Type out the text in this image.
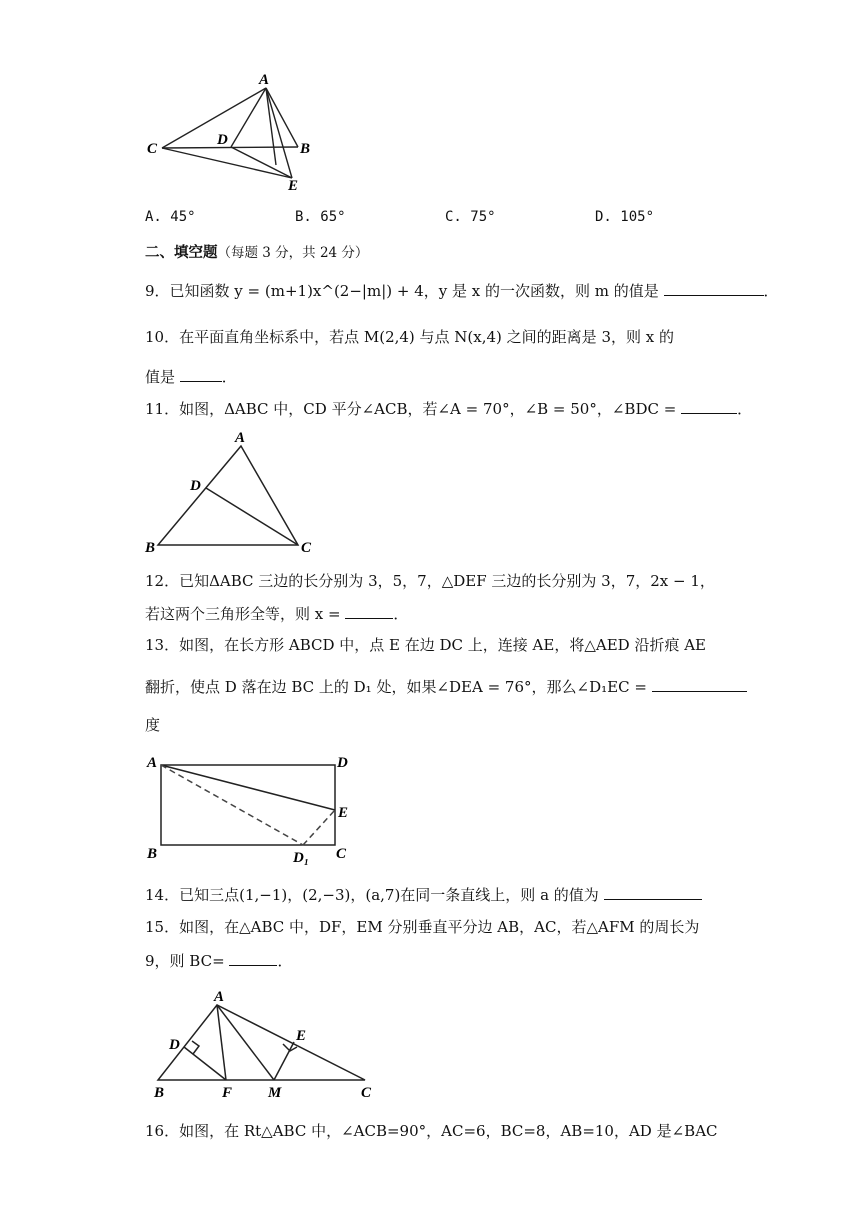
A
C
D
B
E
A. 45°	B. 65°	C. 75°	D. 105°
二、填空题（每题 3 分，共 24 分）
9．已知函数 y = (m+1)x^(2−|m|) + 4，y 是 x 的一次函数，则 m 的值是	．
10．在平面直角坐标系中，若点 M(2,4) 与点 N(x,4) 之间的距离是 3，则 x 的
值是	．
11．如图，ΔABC 中，CD 平分∠ACB，若∠A = 70°，∠B = 50°，∠BDC =	．
A
D
B	C
12．已知ΔABC 三边的长分别为 3，5，7，△DEF 三边的长分别为 3，7，2x − 1，
若这两个三角形全等，则 x =	．
13．如图，在长方形 ABCD 中，点 E 在边 DC 上，连接 AE，将△AED 沿折痕 AE
翻折，使点 D 落在边 BC 上的 D₁ 处，如果∠DEA = 76°，那么∠D₁EC =
度
A	D
E
B	D₁ C
14．已知三点(1,−1)，(2,−3)，(a,7)在同一条直线上，则 a 的值为
15．如图，在△ABC 中，DF，EM 分别垂直平分边 AB，AC，若△AFM 的周长为
9，则 BC=	．
A
D
E
B	F M	C
16．如图，在 Rt△ABC 中，∠ACB=90°，AC=6，BC=8，AB=10，AD 是∠BAC
